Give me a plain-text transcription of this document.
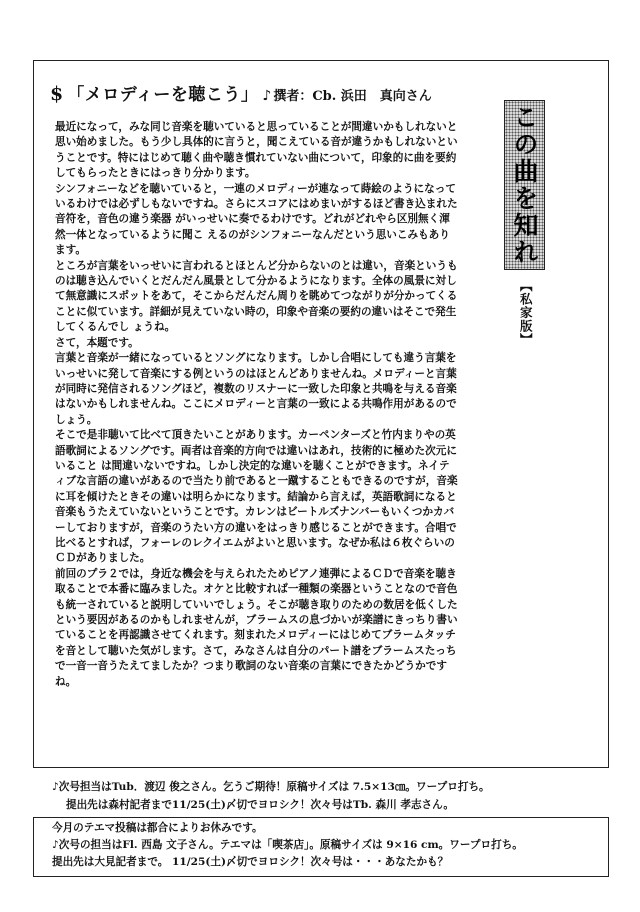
$ 「メロディーを聴こう」 ♪ 撰者：Cb. 浜田　真向さん

最近になって，みな同じ音楽を聴いていると思っていることが間違いかもしれないと

思い始めました。もう少し具体的に言うと，聞こえている音が違うかもしれないとい

うことです。特にはじめて聴く曲や聴き慣れていない曲について，印象的に曲を要約

してもらったときにはっきり分かります。

シンフォニーなどを聴いていると，一連のメロディーが連なって蒔絵のようになって

いるわけでは必ずしもないですね。さらにスコアにはめまいがするほど書き込まれた

音符を，音色の違う楽器 がいっせいに奏でるわけです。どれがどれやら区別無く渾

然一体となっているように聞こ えるのがシンフォニーなんだという思いこみもあり

ます。

ところが言葉をいっせいに言われるとほとんど分からないのとは違い，音楽というも

のは聴き込んでいくとだんだん風景として分かるようになります。全体の風景に対し

て無意識にスポットをあて，そこからだんだん周りを眺めてつながりが分かってくる

ことに似ています。詳細が見えていない時の，印象や音楽の要約の違いはそこで発生

してくるんでし ょうね。

さて，本題です。

言葉と音楽が一緒になっているとソングになります。しかし合唱にしても違う言葉を

いっせいに発して音楽にする例というのはほとんどありませんね。メロディーと言葉

が同時に発信されるソングほど，複数のリスナーに一致した印象と共鳴を与える音楽

はないかもしれませんね。ここにメロディーと言葉の一致による共鳴作用があるので

しょう。

そこで是非聴いて比べて頂きたいことがあります。カーペンターズと竹内まりやの英

語歌詞によるソングです。両者は音楽的方向では違いはあれ，技術的に極めた次元に

いること は間違いないですね。しかし決定的な違いを聴くことができます。ネイテ

ィブな言語の違いがあるので当たり前であると一蹴することもできるのですが，音楽

に耳を傾けたときその違いは明らかになります。結論から言えば，英語歌詞になると

音楽もうたえていないということです。カレンはビートルズナンバーもいくつかカバ

ーしておりますが，音楽のうたい方の違いをはっきり感じることができます。合唱で

比べるとすれば，フォーレのレクイエムがよいと思います。なぜか私は６枚ぐらいの

ＣＤがありました。

前回のプラ２では，身近な機会を与えられたためピアノ連弾によるＣＤで音楽を聴き

取ることで本番に臨みました。オケと比較すれば一種類の楽器ということなので音色

も統一されていると説明していいでしょう。そこが聴き取りのための数居を低くした

という要因があるのかもしれませんが，ブラームスの息づかいが楽譜にきっちり書い

ていることを再認識させてくれます。刻まれたメロディーにはじめてブラームタッチ

を音として聴いた気がします。さて，みなさんは自分のパート譜をブラームスたっち

で一音一音うたえてましたか？つまり歌詞のない音楽の言葉にできたかどうかです

ね。

この曲を知れ
【私家版】

♪次号担当はTub．渡辺 俊之さん。乞うご期待！原稿サイズは 7.5×13㎝。ワープロ打ち。

提出先は森村記者まで11/25(土)〆切でヨロシク！次々号はTb. 森川 孝志さん。

今月のテエマ投稿は都合によりお休みです。

♪次号の担当はFl. 西島 文子さん。テエマは「喫茶店」。原稿サイズは 9×16 cm。ワープロ打ち。

提出先は大見記者まで。 11/25(土)〆切でヨロシク！次々号は・・・あなたかも？
